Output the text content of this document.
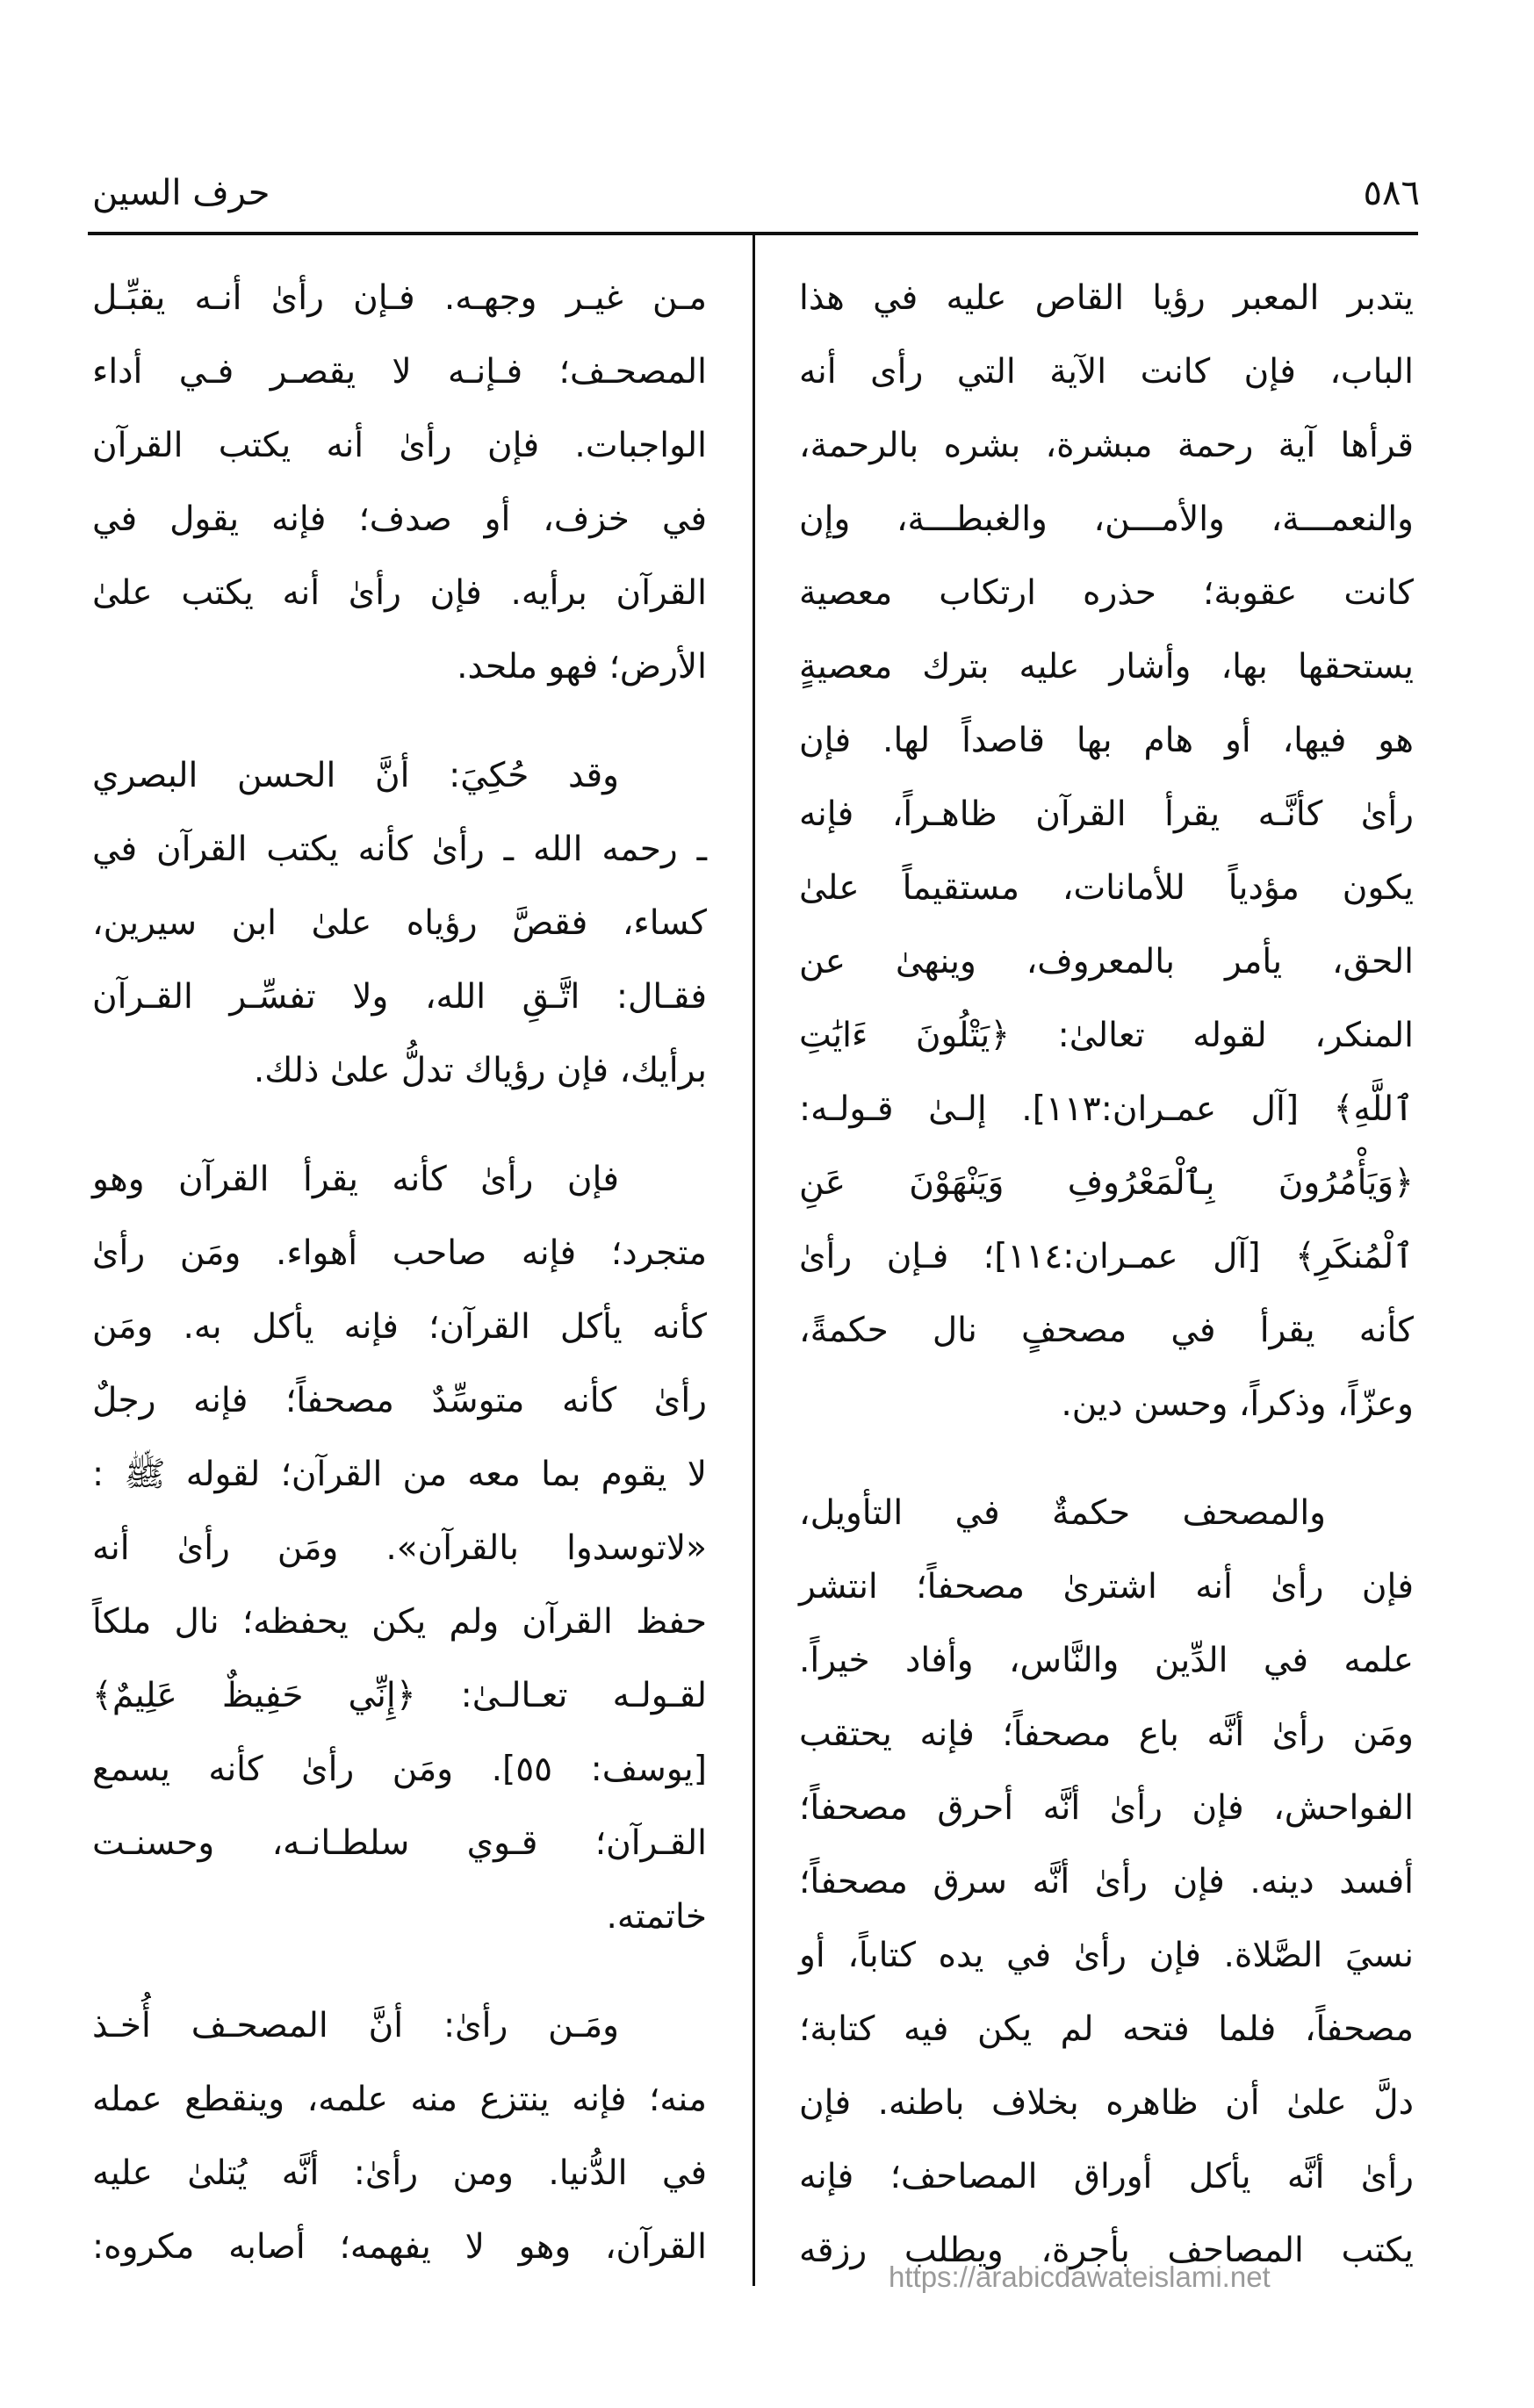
حرف السين	٥٨٦
يتدبر المعبر رؤيا القاص عليه في هذا
الباب، فإن كانت الآية التي رأى أنه
قرأها آية رحمة مبشرة، بشره بالرحمة،
والنعمـــة، والأمـــن، والغبطـــة، وإن
كانت عقوبة؛ حذره ارتكاب معصية
يستحقها بها، وأشار عليه بترك معصيةٍ
هو فيها، أو هام بها قاصداً لها. فإن
رأىٰ كأنَّـه يقرأ القرآن ظاهـراً، فإنه
يكون مؤدياً للأمانات، مستقيماً علىٰ
الحق، يأمر بالمعروف، وينهىٰ عن
المنكر، لقوله تعالىٰ: ﴿يَتْلُونَ ءَايَٰتِ
ٱللَّهِ﴾ [آل عمـران:١١٣]. إلـىٰ قـولـه:
﴿وَيَأْمُرُونَ بِٱلْمَعْرُوفِ وَيَنْهَوْنَ عَنِ
ٱلْمُنكَرِ﴾ [آل عمـران:١١٤]؛ فـإن رأىٰ
كأنه يقرأ في مصحفٍ نال حكمةً،
وعزّاً، وذكراً، وحسن دين.
والمصحف حكمةٌ في التأويل،
فإن رأىٰ أنه اشترىٰ مصحفاً؛ انتشر
علمه في الدِّين والنَّاس، وأفاد خيراً.
ومَن رأىٰ أنَّه باع مصحفاً؛ فإنه يحتقب
الفواحش، فإن رأىٰ أنَّه أحرق مصحفاً؛
أفسد دينه. فإن رأىٰ أنَّه سرق مصحفاً؛
نسيَ الصَّلاة. فإن رأىٰ في يده كتاباً، أو
مصحفاً، فلما فتحه لم يكن فيه كتابة؛
دلَّ علىٰ أن ظاهره بخلاف باطنه. فإن
رأىٰ أنَّه يأكل أوراق المصاحف؛ فإنه
يكتب المصاحف بأجرة، ويطلب رزقه
مـن غيـر وجهـه. فـإن رأىٰ أنـه يقبِّـل
المصحـف؛ فـإنـه لا يقصـر فـي أداء
الواجبات. فإن رأىٰ أنه يكتب القرآن
في خزف، أو صدف؛ فإنه يقول في
القرآن برأيه. فإن رأىٰ أنه يكتب علىٰ
الأرض؛ فهو ملحد.
وقد حُكِيَ: أنَّ الحسن البصري
ـ رحمه الله ـ رأىٰ كأنه يكتب القرآن في
كساء، فقصَّ رؤياه علىٰ ابن سيرين،
فقـال: اتَّـقِ الله، ولا تفسِّـر القـرآن
برأيك، فإن رؤياك تدلُّ علىٰ ذلك.
فإن رأىٰ كأنه يقرأ القرآن وهو
متجرد؛ فإنه صاحب أهواء. ومَن رأىٰ
كأنه يأكل القرآن؛ فإنه يأكل به. ومَن
رأىٰ كأنه متوسِّدٌ مصحفاً؛ فإنه رجلٌ
لا يقوم بما معه من القرآن؛ لقوله ﷺ :
«لاتوسدوا بالقرآن». ومَن رأىٰ أنه
حفظ القرآن ولم يكن يحفظه؛ نال ملكاً
لقـولـه تعـالـىٰ: ﴿إِنِّي حَفِيظٌ عَلِيمٌ﴾
[يوسف: ٥٥]. ومَن رأىٰ كأنه يسمع
القـرآن؛ قـوي سلطـانـه، وحسنـت
خاتمته.
ومَـن رأىٰ: أنَّ المصحـف أُخـذ
منه؛ فإنه ينتزع منه علمه، وينقطع عمله
في الدُّنيا. ومن رأىٰ: أنَّه يُتلىٰ عليه
القرآن، وهو لا يفهمه؛ أصابه مكروه:
https://arabicdawateislami.net
